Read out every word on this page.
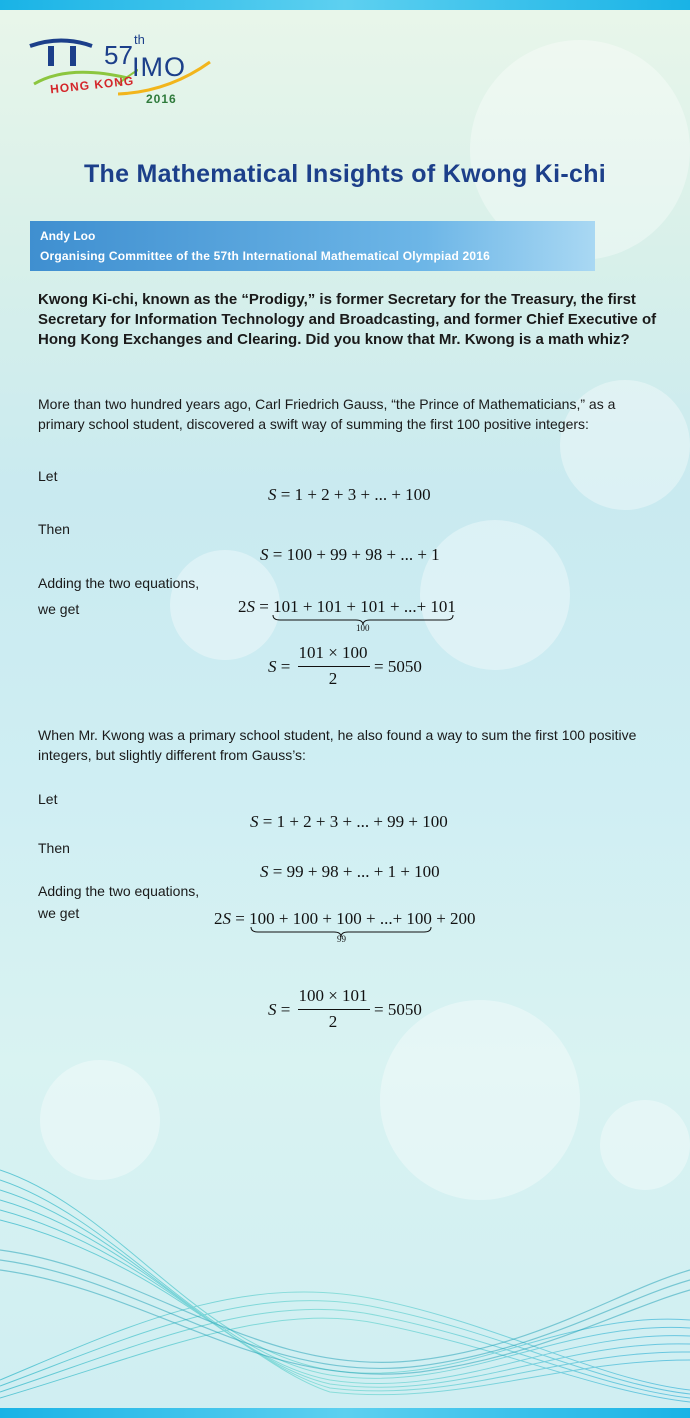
57
th
IMO
HONG KONG
2016
The Mathematical Insights of Kwong Ki-chi
Andy Loo
Organising Committee of the 57th International Mathematical Olympiad 2016
Kwong Ki-chi, known as the “Prodigy,” is former Secretary for the Treasury, the first Secretary for Information Technology and Broadcasting, and former Chief Executive of Hong Kong Exchanges and Clearing. Did you know that Mr. Kwong is a math whiz?
More than two hundred years ago, Carl Friedrich Gauss, “the Prince of Mathematicians,” as a primary school student, discovered a swift way of summing the first 100 positive integers:
Let
S = 1 + 2 + 3 + ... + 100
Then
S = 100 + 99 + 98 + ... + 1
Adding the two equations,
we get	2S = 101 + 101 + 101 + ...+ 101
100
S =
101 × 100
2
= 5050
When Mr. Kwong was a primary school student, he also found a way to sum the first 100 positive integers, but slightly different from Gauss’s:
Let
S = 1 + 2 + 3 + ... + 99 + 100
Then
S = 99 + 98 + ... + 1 + 100
Adding the two equations,
we get	2S = 100 + 100 + 100 + ...+ 100 + 200
99
S =
100 × 101
2
= 5050
